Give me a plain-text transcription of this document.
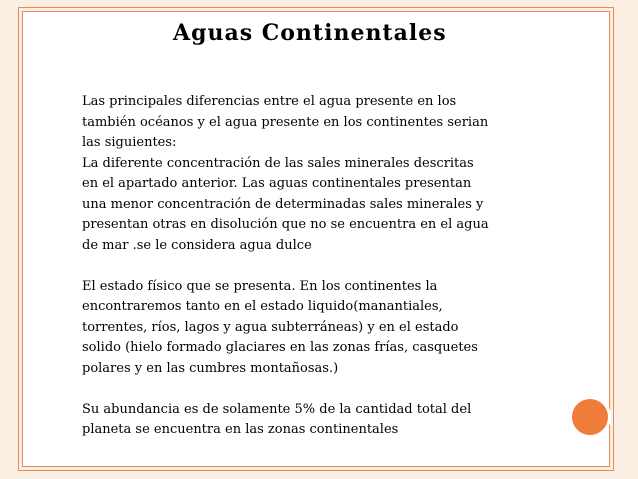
Aguas Continentales

Las principales diferencias entre el agua presente en los

también océanos y el agua presente en los continentes serian

las siguientes:

La diferente concentración de las sales minerales descritas

en el apartado anterior. Las aguas continentales presentan

una menor concentración de determinadas sales minerales y

presentan otras en disolución que no se encuentra en el agua

de mar .se le considera agua dulce

El estado físico que se presenta. En los continentes la

encontraremos tanto en el estado liquido(manantiales,

torrentes, ríos, lagos y agua subterráneas) y en el estado

solido (hielo formado glaciares en las zonas frías, casquetes

polares y en las cumbres montañosas.)

Su abundancia es de solamente 5% de la cantidad total del

planeta se encuentra en las zonas continentales
